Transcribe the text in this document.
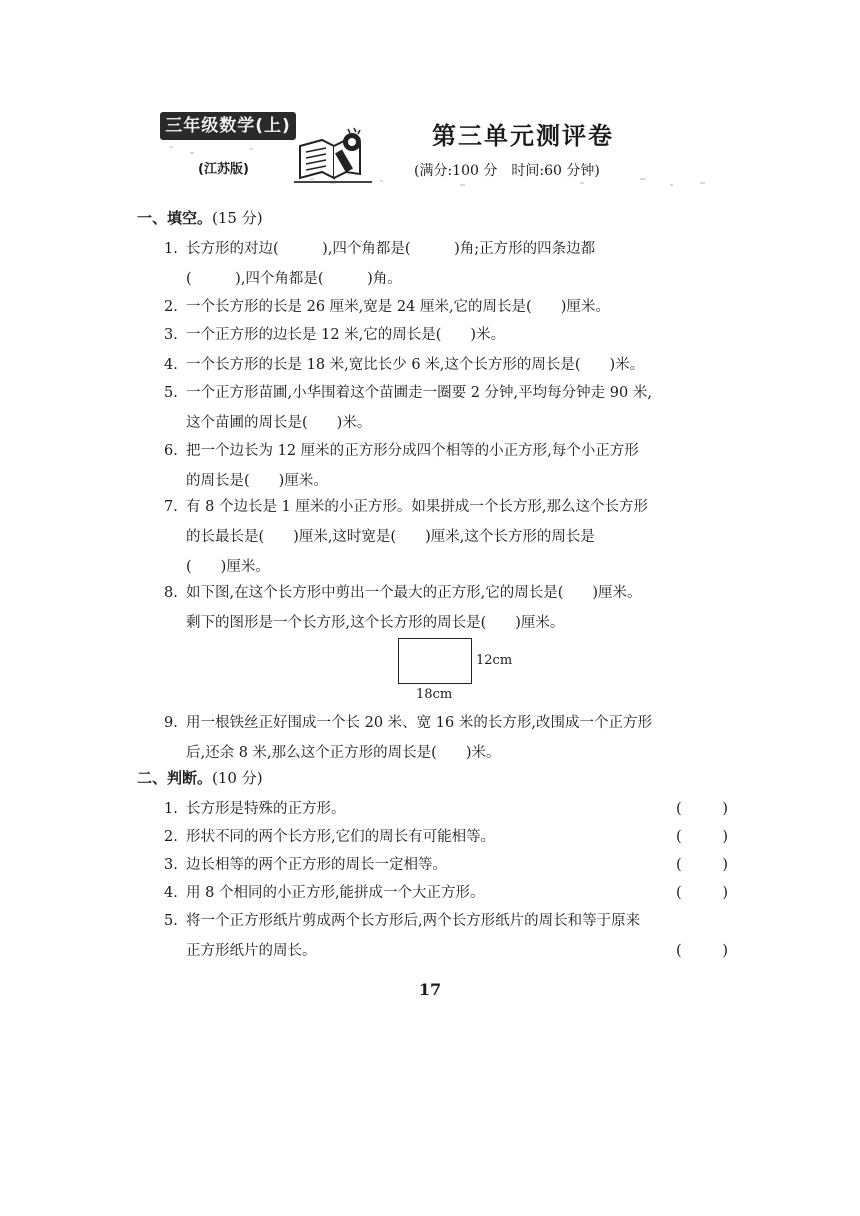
三年级数学(上)
(江苏版)
第三单元测评卷
(满分:100 分　时间:60 分钟)
一、填空。(15 分)
1. 长方形的对边(　　　),四个角都是(　　　)角;正方形的四条边都
(　　　),四个角都是(　　　)角。
2. 一个长方形的长是 26 厘米,宽是 24 厘米,它的周长是(　　)厘米。
3. 一个正方形的边长是 12 米,它的周长是(　　)米。
4. 一个长方形的长是 18 米,宽比长少 6 米,这个长方形的周长是(　　)米。
5. 一个正方形苗圃,小华围着这个苗圃走一圈要 2 分钟,平均每分钟走 90 米,
这个苗圃的周长是(　　)米。
6. 把一个边长为 12 厘米的正方形分成四个相等的小正方形,每个小正方形
的周长是(　　)厘米。
7. 有 8 个边长是 1 厘米的小正方形。如果拼成一个长方形,那么这个长方形
的长最长是(　　)厘米,这时宽是(　　)厘米,这个长方形的周长是
(　　)厘米。
8. 如下图,在这个长方形中剪出一个最大的正方形,它的周长是(　　)厘米。
剩下的图形是一个长方形,这个长方形的周长是(　　)厘米。
12cm
18cm
9. 用一根铁丝正好围成一个长 20 米、宽 16 米的长方形,改围成一个正方形
后,还余 8 米,那么这个正方形的周长是(　　)米。
二、判断。(10 分)
1. 长方形是特殊的正方形。	(　)
2. 形状不同的两个长方形,它们的周长有可能相等。	(　)
3. 边长相等的两个正方形的周长一定相等。	(　)
4. 用 8 个相同的小正方形,能拼成一个大正方形。	(　)
5. 将一个正方形纸片剪成两个长方形后,两个长方形纸片的周长和等于原来
正方形纸片的周长。	(　)
17
